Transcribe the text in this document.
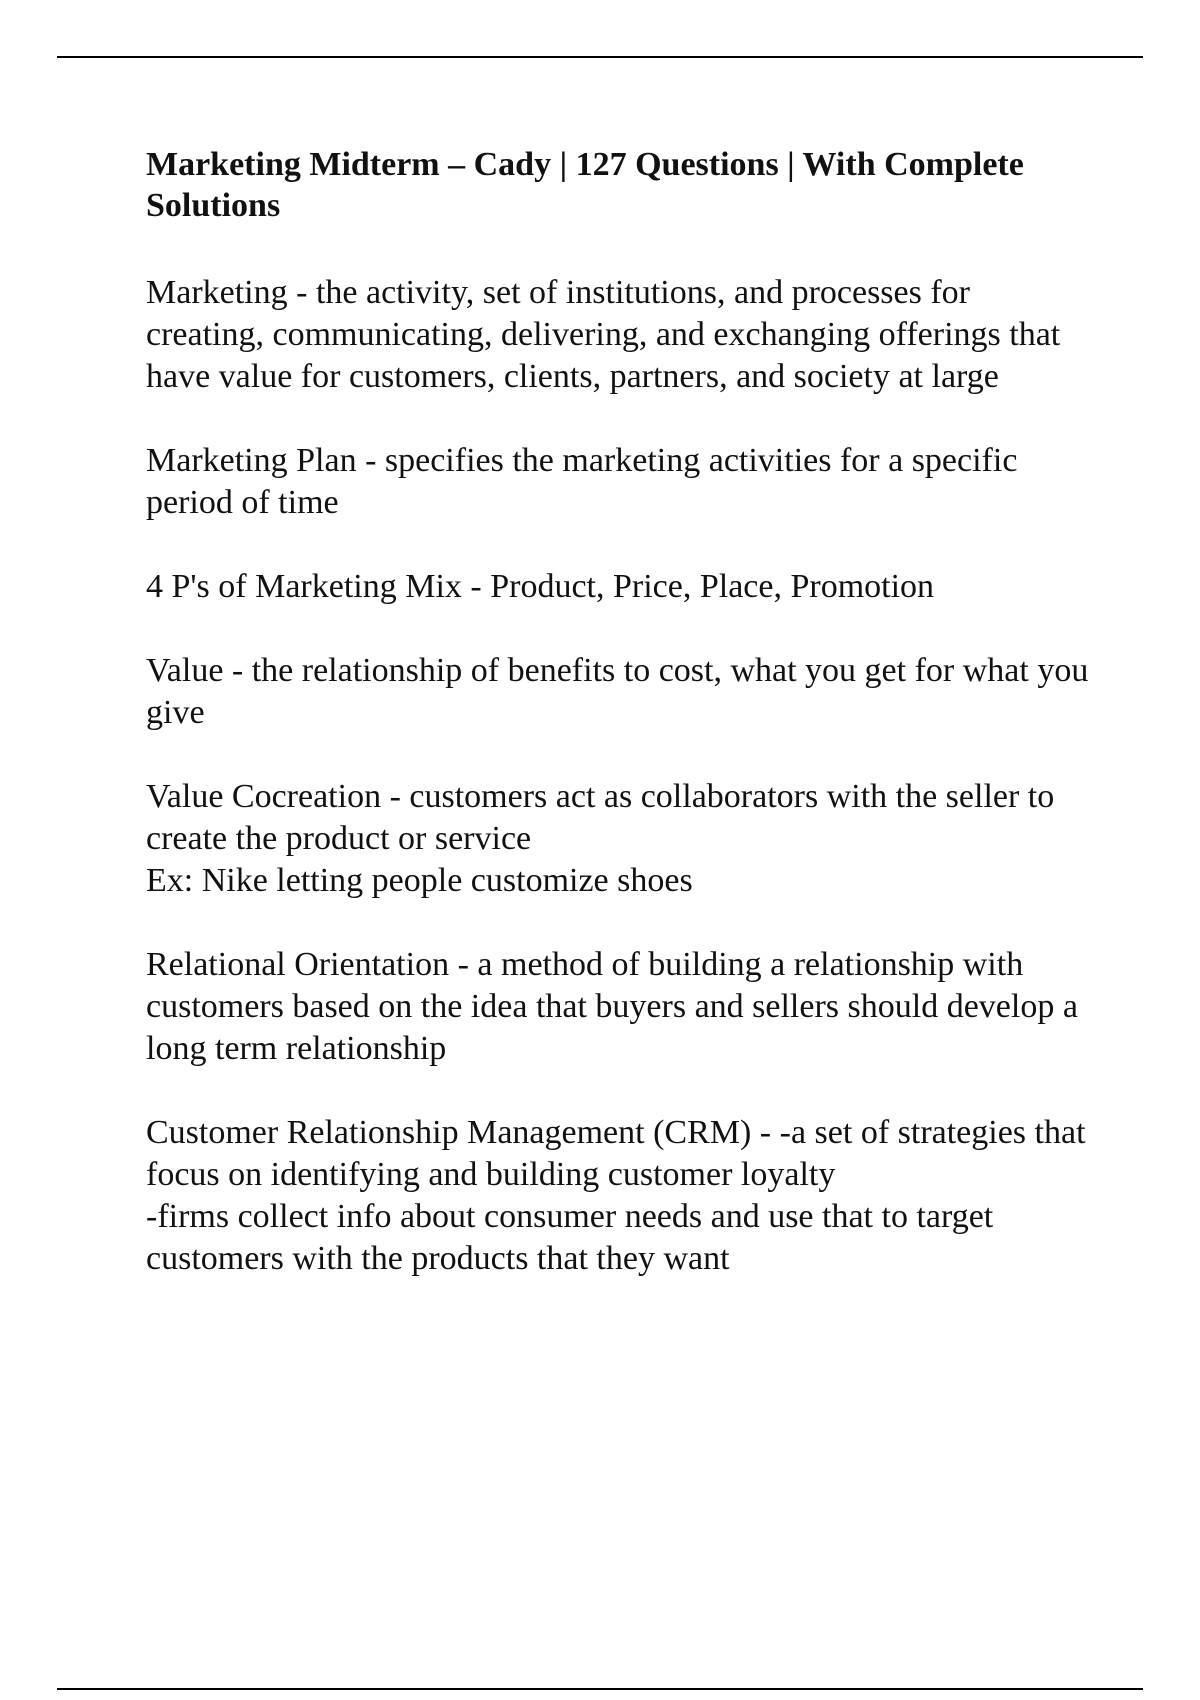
Marketing Midterm – Cady | 127 Questions | With Complete Solutions

Marketing - the activity, set of institutions, and processes for creating, communicating, delivering, and exchanging offerings that have value for customers, clients, partners, and society at large

Marketing Plan - specifies the marketing activities for a specific period of time

4 P's of Marketing Mix - Product, Price, Place, Promotion

Value - the relationship of benefits to cost, what you get for what you give

Value Cocreation - customers act as collaborators with the seller to create the product or service
Ex: Nike letting people customize shoes

Relational Orientation - a method of building a relationship with customers based on the idea that buyers and sellers should develop a long term relationship

Customer Relationship Management (CRM) - -a set of strategies that focus on identifying and building customer loyalty
-firms collect info about consumer needs and use that to target customers with the products that they want
